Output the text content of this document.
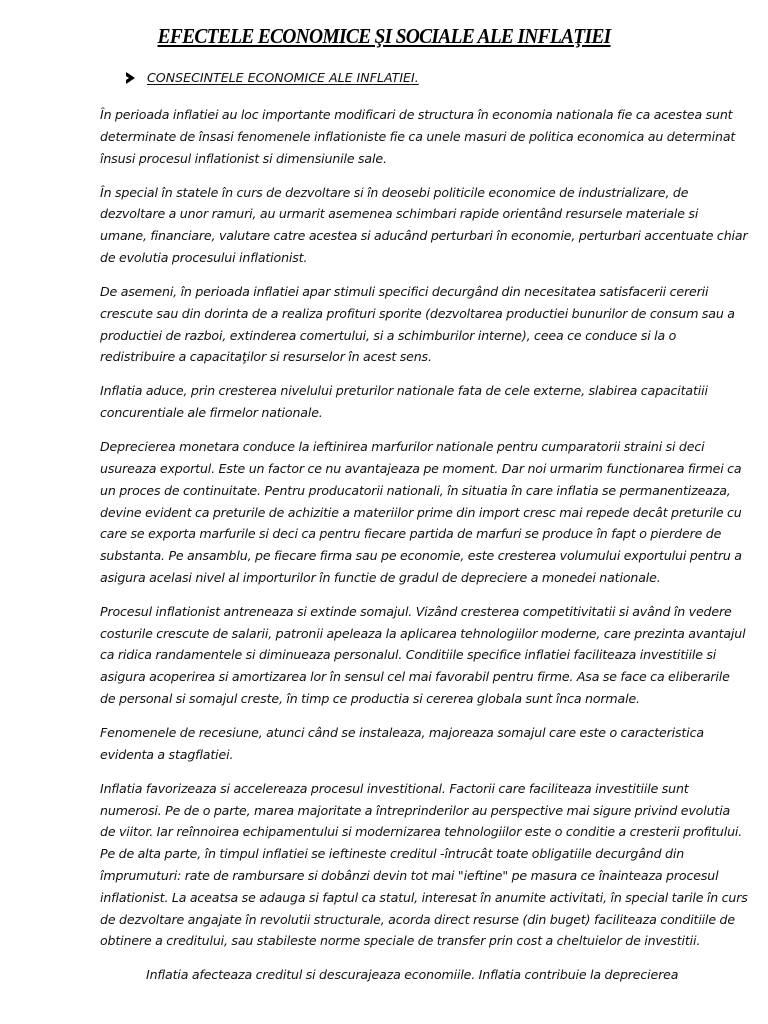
EFECTELE ECONOMICE ŞI SOCIALE ALE INFLAŢIEI
CONSECINTELE ECONOMICE ALE INFLATIEI.

În perioada inflatiei au loc importante modificari de structura în economia nationala fie ca acestea sunt determinate de însasi fenomenele inflationiste fie ca unele masuri de politica economica au determinat însusi procesul inflationist si dimensiunile sale.

În special în statele în curs de dezvoltare si în deosebi politicile economice de industrializare, de dezvoltare a unor ramuri, au urmarit asemenea schimbari rapide orientând resursele materiale si umane, financiare, valutare catre acestea si aducând perturbari în economie, perturbari accentuate chiar de evolutia procesului inflationist.

De asemeni, în perioada inflatiei apar stimuli specifici decurgând din necesitatea satisfacerii cererii crescute sau din dorinta de a realiza profituri sporite (dezvoltarea productiei bunurilor de consum sau a productiei de razboi, extinderea comertului, si a schimburilor interne), ceea ce conduce si la o redistribuire a capacitaţilor si resurselor în acest sens.

Inflatia aduce, prin cresterea nivelului preturilor nationale fata de cele externe, slabirea capacitatiii concurentiale ale firmelor nationale.

Deprecierea monetara conduce la ieftinirea marfurilor nationale pentru cumparatorii straini si deci usureaza exportul. Este un factor ce nu avantajeaza pe moment. Dar noi urmarim functionarea firmei ca un proces de continuitate. Pentru producatorii nationali, în situatia în care inflatia se permanentizeaza, devine evident ca preturile de achizitie a materiilor prime din import cresc mai repede decât preturile cu care se exporta marfurile si deci ca pentru fiecare partida de marfuri se produce în fapt o pierdere de substanta. Pe ansamblu, pe fiecare firma sau pe economie, este cresterea volumului exportului pentru a asigura acelasi nivel al importurilor în functie de gradul de depreciere a monedei nationale.

Procesul inflationist antreneaza si extinde somajul. Vizând cresterea competitivitatii si având în vedere costurile crescute de salarii, patronii apeleaza la aplicarea tehnologiilor moderne, care prezinta avantajul ca ridica randamentele si diminueaza personalul. Conditiile specifice inflatiei faciliteaza investitiile si asigura acoperirea si amortizarea lor în sensul cel mai favorabil pentru firme. Asa se face ca eliberarile de personal si somajul creste, în timp ce productia si cererea globala sunt înca normale.

Fenomenele de recesiune, atunci când se instaleaza, majoreaza somajul care este o caracteristica evidenta a stagflatiei.

Inflatia favorizeaza si accelereaza procesul investitional. Factorii care faciliteaza investitiile sunt numerosi. Pe de o parte, marea majoritate a întreprinderilor au perspective mai sigure privind evolutia de viitor. Iar reînnoirea echipamentului si modernizarea tehnologiilor este o conditie a cresterii profitului. Pe de alta parte, în timpul inflatiei se ieftineste creditul -întrucât toate obligatiile decurgând din împrumuturi: rate de rambursare si dobânzi devin tot mai "ieftine" pe masura ce înainteaza procesul inflationist. La aceatsa se adauga si faptul ca statul, interesat în anumite activitati, în special tarile în curs de dezvoltare angajate în revolutii structurale, acorda direct resurse (din buget) faciliteaza conditiile de obtinere a creditului, sau stabileste norme speciale de transfer prin cost a cheltuielor de investitii.

Inflatia afecteaza creditul si descurajeaza economiile. Inflatia contribuie la deprecierea
